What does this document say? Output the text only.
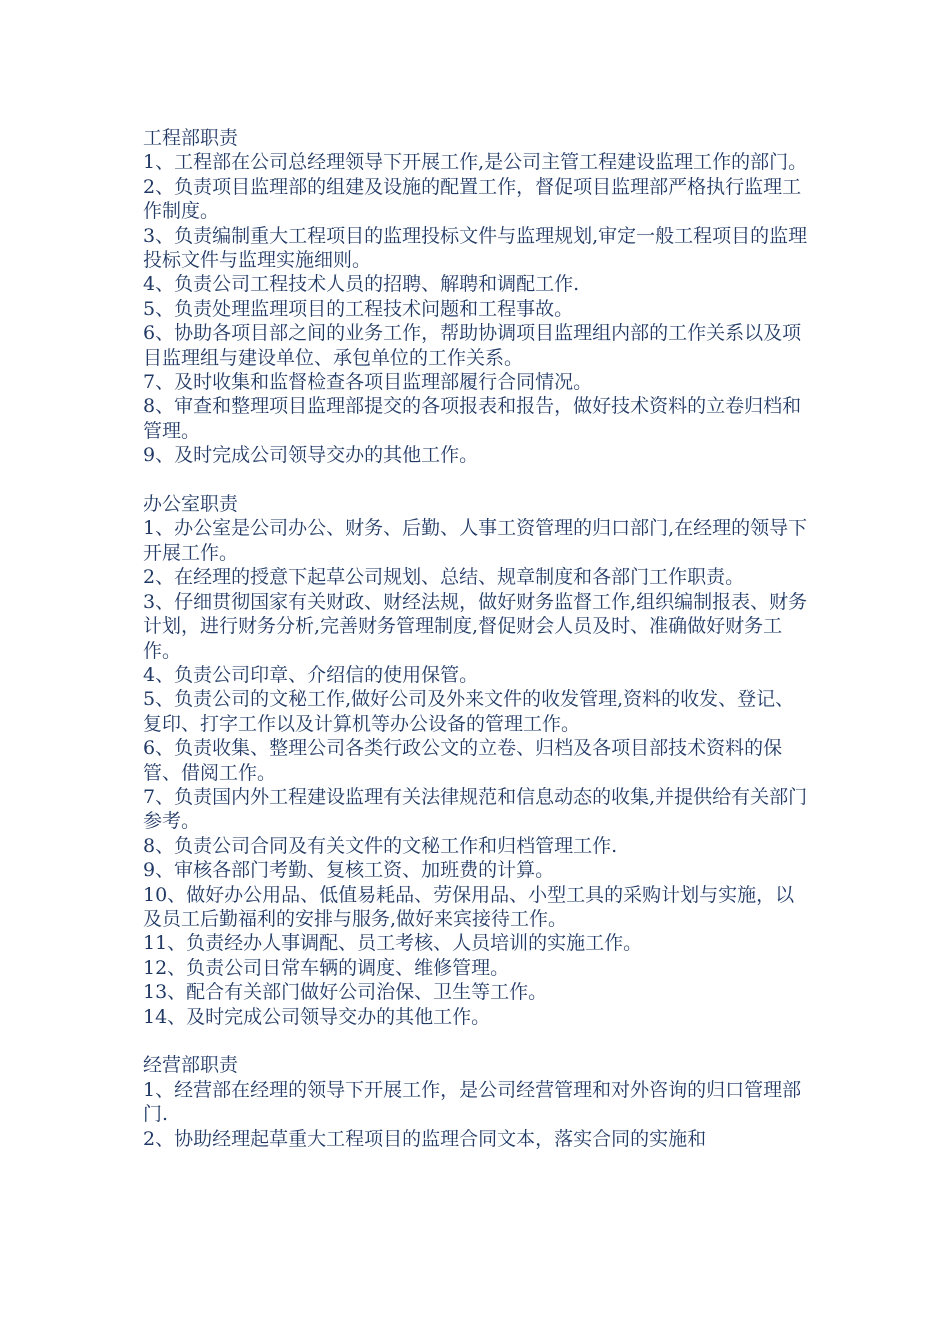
工程部职责

1、工程部在公司总经理领导下开展工作,是公司主管工程建设监理工作的部门。

2、负责项目监理部的组建及设施的配置工作，督促项目监理部严格执行监理工作制度。

3、负责编制重大工程项目的监理投标文件与监理规划,审定一般工程项目的监理投标文件与监理实施细则。

4、负责公司工程技术人员的招聘、解聘和调配工作.

5、负责处理监理项目的工程技术问题和工程事故。

6、协助各项目部之间的业务工作，帮助协调项目监理组内部的工作关系以及项目监理组与建设单位、承包单位的工作关系。

7、及时收集和监督检查各项目监理部履行合同情况。

8、审查和整理项目监理部提交的各项报表和报告，做好技术资料的立卷归档和管理。

9、及时完成公司领导交办的其他工作。

办公室职责

1、办公室是公司办公、财务、后勤、人事工资管理的归口部门,在经理的领导下开展工作。

2、在经理的授意下起草公司规划、总结、规章制度和各部门工作职责。

3、仔细贯彻国家有关财政、财经法规，做好财务监督工作,组织编制报表、财务计划，进行财务分析,完善财务管理制度,督促财会人员及时、准确做好财务工作。

4、负责公司印章、介绍信的使用保管。

5、负责公司的文秘工作,做好公司及外来文件的收发管理,资料的收发、登记、复印、打字工作以及计算机等办公设备的管理工作。

6、负责收集、整理公司各类行政公文的立卷、归档及各项目部技术资料的保管、借阅工作。

7、负责国内外工程建设监理有关法律规范和信息动态的收集,并提供给有关部门参考。

8、负责公司合同及有关文件的文秘工作和归档管理工作.

9、审核各部门考勤、复核工资、加班费的计算。

10、做好办公用品、低值易耗品、劳保用品、小型工具的采购计划与实施，以及员工后勤福利的安排与服务,做好来宾接待工作。

11、负责经办人事调配、员工考核、人员培训的实施工作。

12、负责公司日常车辆的调度、维修管理。

13、配合有关部门做好公司治保、卫生等工作。

14、及时完成公司领导交办的其他工作。

经营部职责

1、经营部在经理的领导下开展工作，是公司经营管理和对外咨询的归口管理部门.

2、协助经理起草重大工程项目的监理合同文本，落实合同的实施和
